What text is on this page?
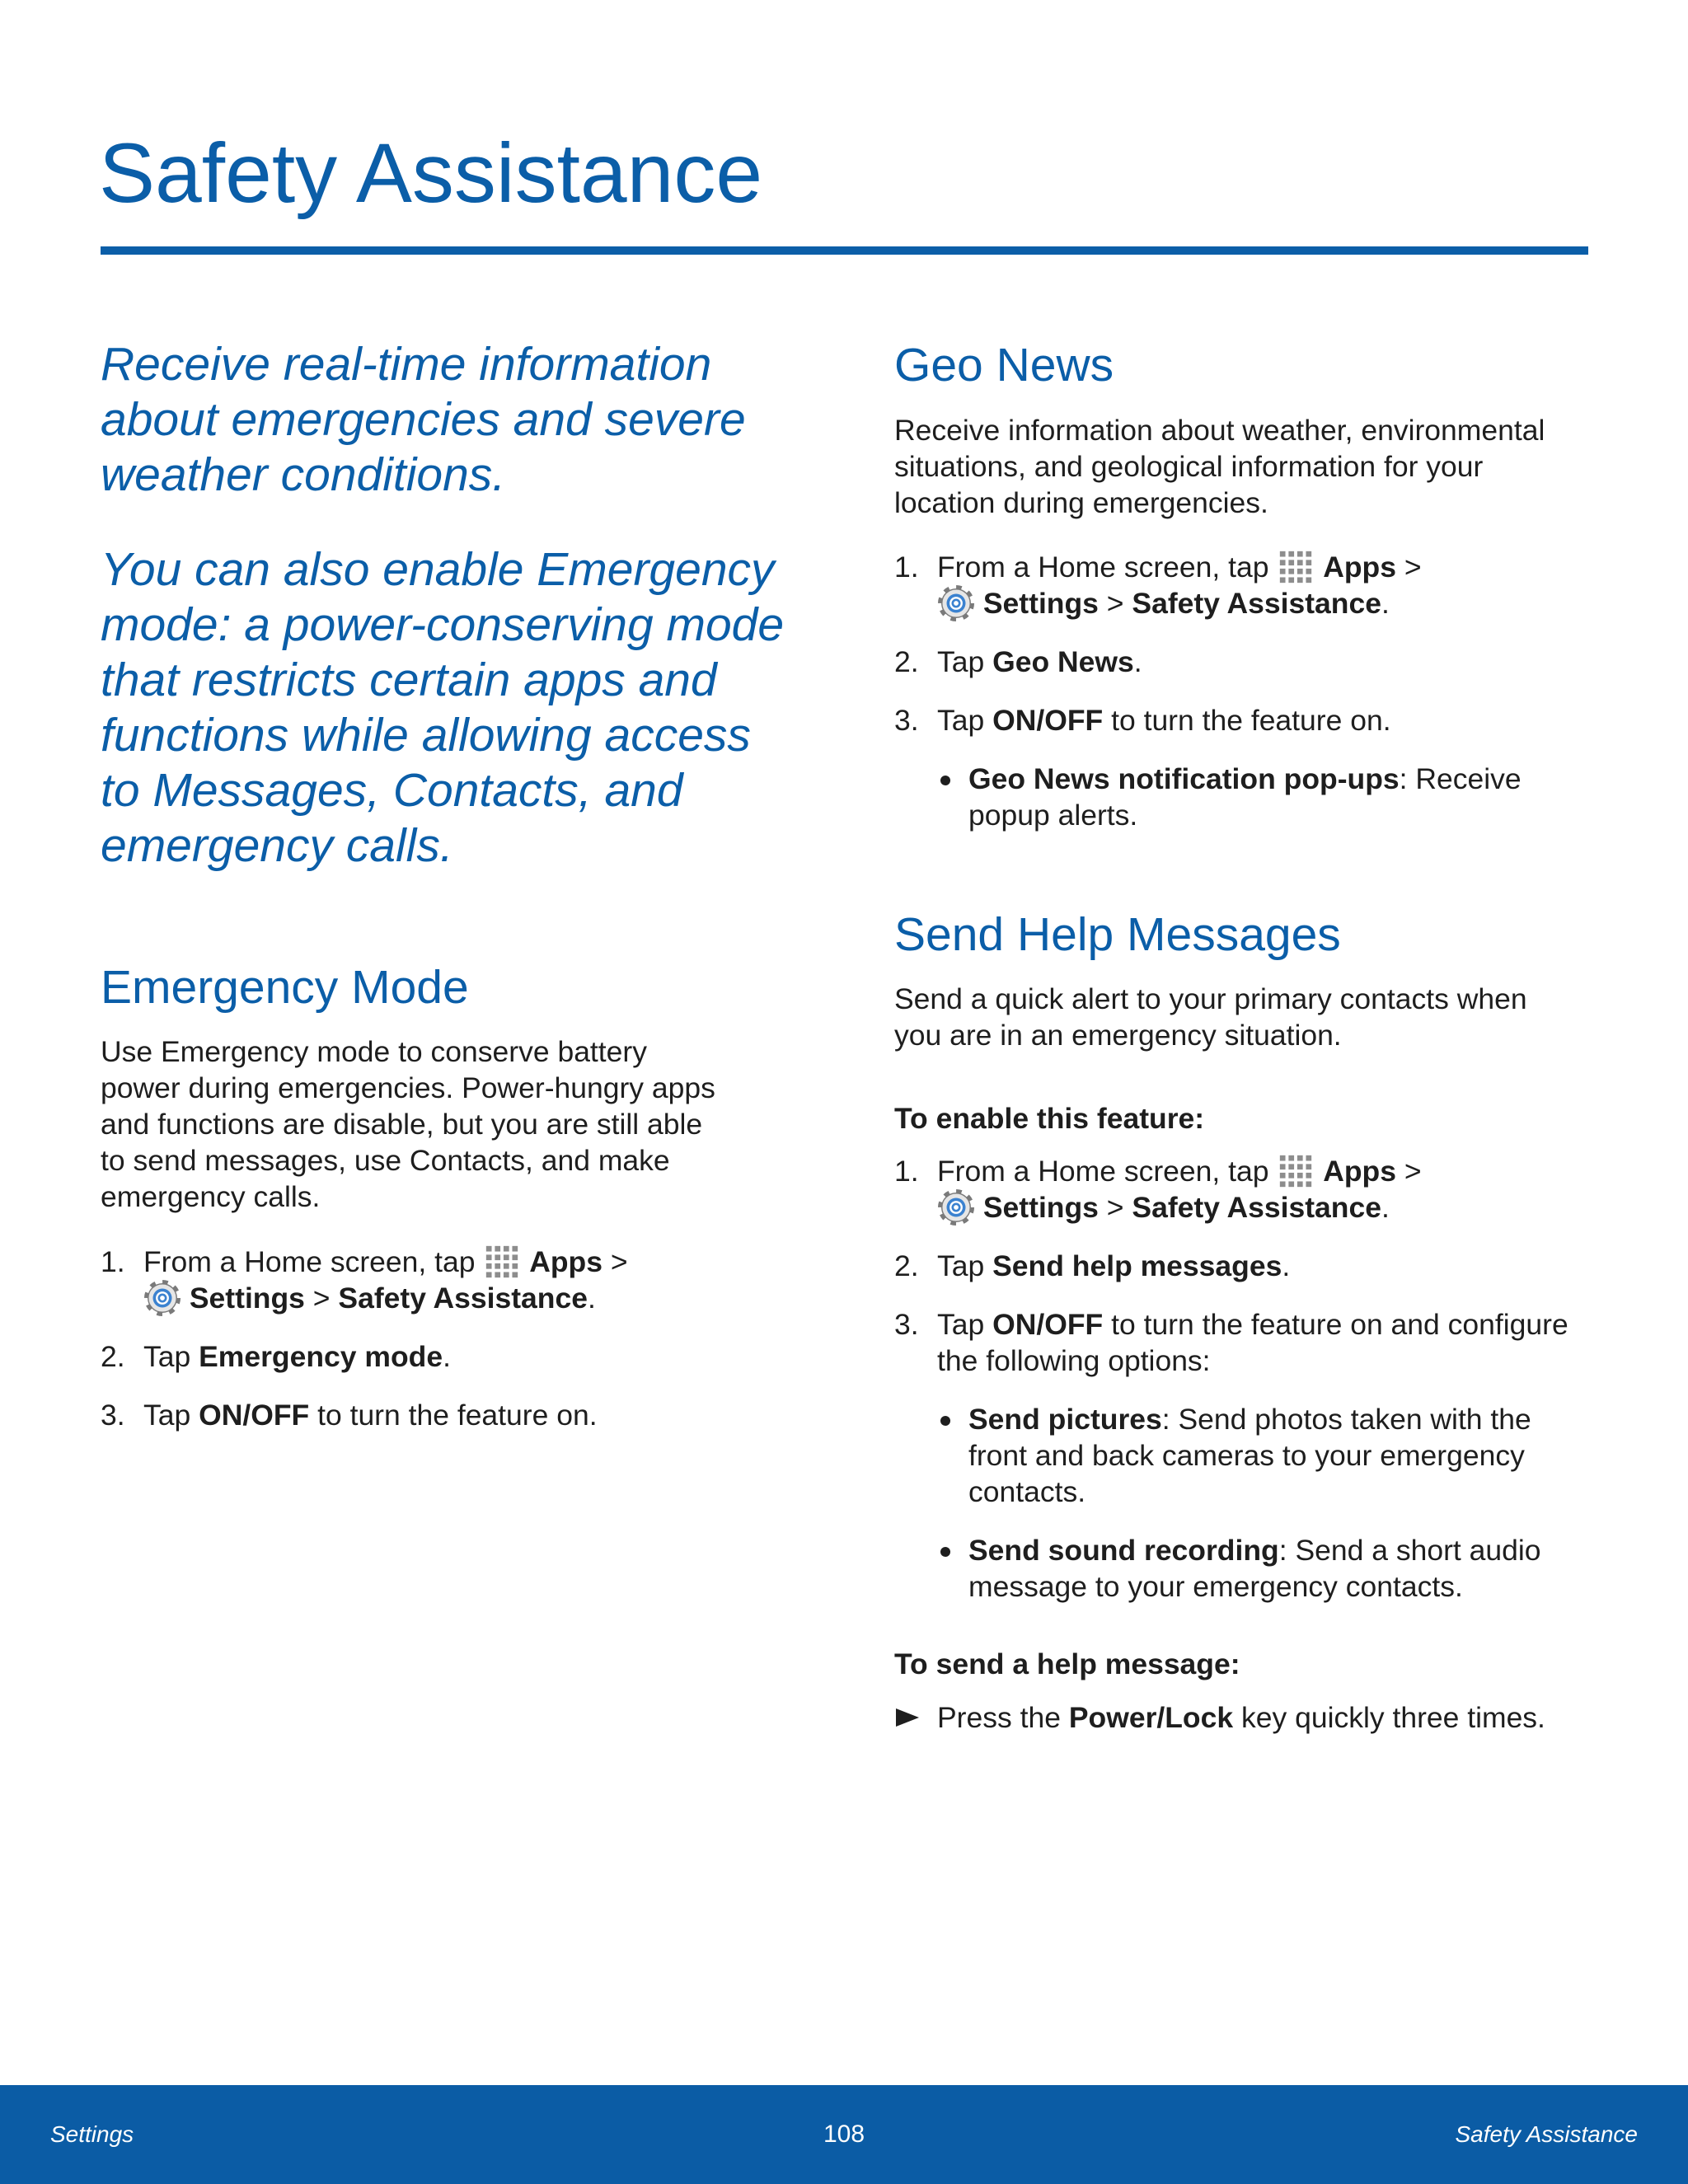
Safety Assistance
Receive real-time information
about emergencies and severe
weather conditions.
You can also enable Emergency
mode: a power-conserving mode
that restricts certain apps and
functions while allowing access
to Messages, Contacts, and
emergency calls.
Emergency Mode
Use Emergency mode to conserve battery
power during emergencies. Power-hungry apps
and functions are disable, but you are still able
to send messages, use Contacts, and make
emergency calls.
1. From a Home screen, tap Apps >
Settings > Safety Assistance.
2. Tap Emergency mode.
3. Tap ON/OFF to turn the feature on.
Geo News
Receive information about weather, environmental
situations, and geological information for your
location during emergencies.
1. From a Home screen, tap Apps >
Settings > Safety Assistance.
2. Tap Geo News.
3. Tap ON/OFF to turn the feature on.
Geo News notification pop-ups: Receive
popup alerts.
Send Help Messages
Send a quick alert to your primary contacts when
you are in an emergency situation.
To enable this feature:
1. From a Home screen, tap Apps >
Settings > Safety Assistance.
2. Tap Send help messages.
3. Tap ON/OFF to turn the feature on and configure
the following options:
Send pictures: Send photos taken with the
front and back cameras to your emergency
contacts.
Send sound recording: Send a short audio
message to your emergency contacts.
To send a help message:
Press the Power/Lock key quickly three times.
Settings	108	Safety Assistance
